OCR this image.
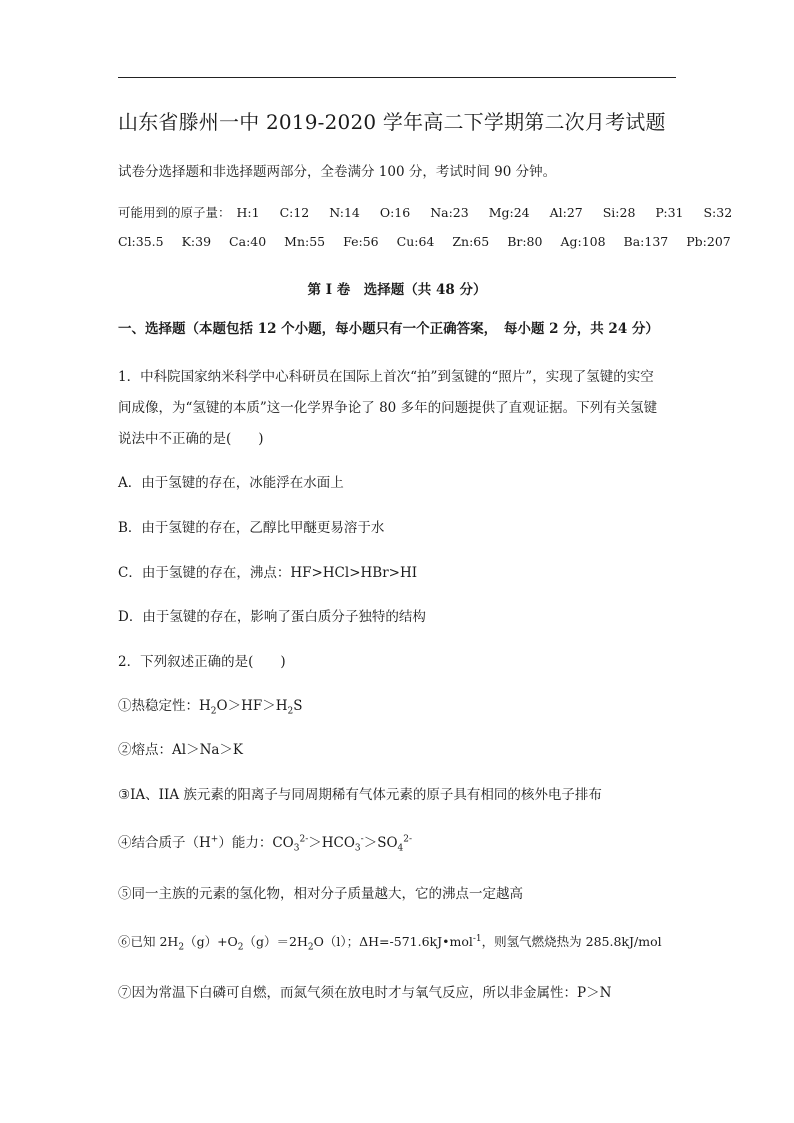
山东省滕州一中 2019-2020 学年高二下学期第二次月考试题
试卷分选择题和非选择题两部分，全卷满分 100 分，考试时间 90 分钟。
可能用到的原子量： H:1 C:12 N:14 O:16 Na:23 Mg:24 Al:27 Si:28 P:31 S:32
Cl:35.5 K:39 Ca:40 Mn:55 Fe:56 Cu:64 Zn:65 Br:80 Ag:108 Ba:137 Pb:207
第 I 卷　选择题（共 48 分）
一、选择题（本题包括 12 个小题，每小题只有一个正确答案，　每小题 2 分，共 24 分）
1．中科院国家纳米科学中心科研员在国际上首次“拍”到氢键的“照片”，实现了氢键的实空
间成像，为“氢键的本质”这一化学界争论了 80 多年的问题提供了直观证据。下列有关氢键
说法中不正确的是(　　)
A．由于氢键的存在，冰能浮在水面上
B．由于氢键的存在，乙醇比甲醚更易溶于水
C．由于氢键的存在，沸点：HF>HCl>HBr>HI
D．由于氢键的存在，影响了蛋白质分子独特的结构
2．下列叙述正确的是(　　)
①热稳定性：$H_2O>HF>H_2S$
②熔点：Al＞Na＞K
③IA、IIA 族元素的阳离子与同周期稀有气体元素的原子具有相同的核外电子排布
④结合质子（H+）能力：$CO_3^{2-}>HCO_3^->SO_4^{2-}$
⑤同一主族的元素的氢化物，相对分子质量越大，它的沸点一定越高
⑥已知 $2H_2(g)+O_2(g)=2H_2O(l)$；ΔH=-571.6kJ•mol$^{-1}$，则氢气燃烧热为 285.8kJ/mol
⑦因为常温下白磷可自燃，而氮气须在放电时才与氧气反应，所以非金属性：P＞N
